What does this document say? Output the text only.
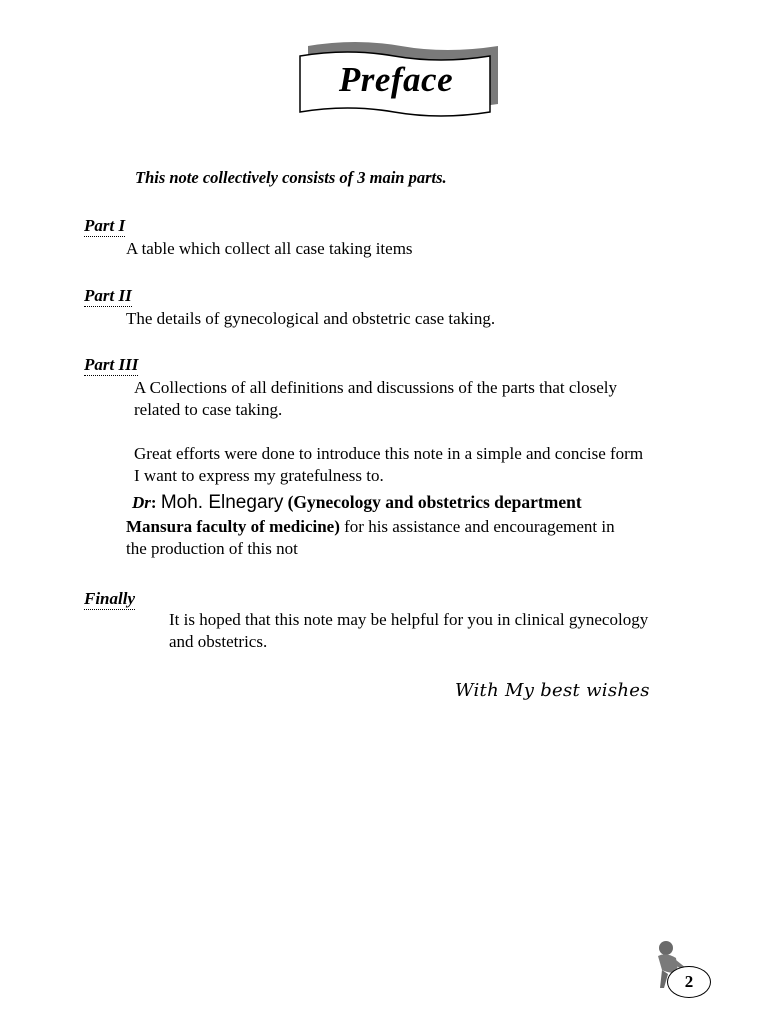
Preface
This note collectively consists of 3 main parts.
Part I
A table which collect all case taking items
Part II
The details of gynecological and obstetric case taking.
Part III
A Collections of all definitions and discussions of the parts that closely
related to case taking.
Great efforts were done to introduce this note in a simple and concise form
I want to express my gratefulness to.
Dr: Moh. Elnegary (Gynecology and obstetrics department
Mansura faculty of medicine) for his assistance and encouragement in
the production of this not
Finally
It is hoped that this note may be helpful for you in clinical gynecology
and obstetrics.
With My best wishes
2
